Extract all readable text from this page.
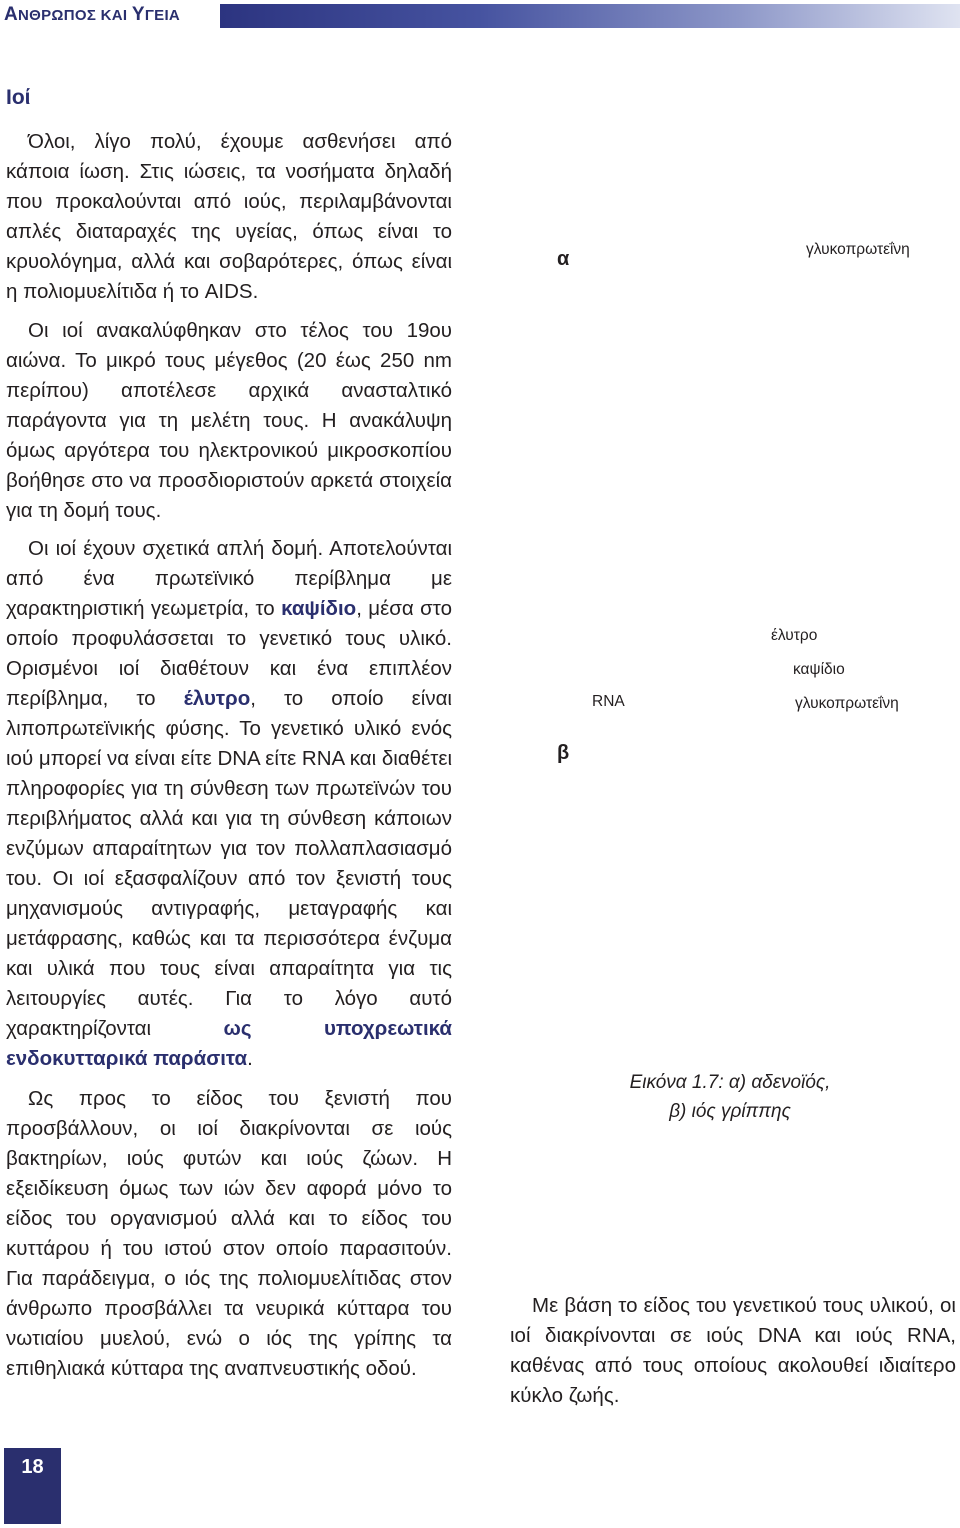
ΑΝΘΡΩΠΟΣ ΚΑΙ ΥΓΕΙΑ
Ιοί

Όλοι, λίγο πολύ, έχουμε ασθενήσει από κάποια ίωση. Στις ιώσεις, τα νοσήματα δηλαδή που προκαλούνται από ιούς, περιλαμβάνονται απλές διαταραχές της υγείας, όπως είναι το κρυολόγημα, αλλά και σοβαρότερες, όπως είναι η πολιομυελίτιδα ή το AIDS.

Οι ιοί ανακαλύφθηκαν στο τέλος του 19ου αιώνα. Το μικρό τους μέγεθος (20 έως 250 nm περίπου) αποτέλεσε αρχικά ανασταλτικό παράγοντα για τη μελέτη τους. Η ανακάλυψη όμως αργότερα του ηλεκτρονικού μικροσκοπίου βοήθησε στο να προσδιοριστούν αρκετά στοιχεία για τη δομή τους.

Οι ιοί έχουν σχετικά απλή δομή. Αποτελούνται από ένα πρωτεϊνικό περίβλημα με χαρακτηριστική γεωμετρία, το καψίδιο, μέσα στο οποίο προφυλάσσεται το γενετικό τους υλικό. Ορισμένοι ιοί διαθέτουν και ένα επιπλέον περίβλημα, το έλυτρο, το οποίο είναι λιποπρωτεϊνικής φύσης. Το γενετικό υλικό ενός ιού μπορεί να είναι είτε DNA είτε RNA και διαθέτει πληροφορίες για τη σύνθεση των πρωτεϊνών του περιβλήματος αλλά και για τη σύνθεση κάποιων ενζύμων απαραίτητων για τον πολλαπλασιασμό του. Οι ιοί εξασφαλίζουν από τον ξενιστή τους μηχανισμούς αντιγραφής, μεταγραφής και μετάφρασης, καθώς και τα περισσότερα ένζυμα και υλικά που τους είναι απαραίτητα για τις λειτουργίες αυτές. Για το λόγο αυτό χαρακτηρίζονται ως υποχρεωτικά ενδοκυτταρικά παράσιτα.

Ως προς το είδος του ξενιστή που προσβάλλουν, οι ιοί διακρίνονται σε ιούς βακτηρίων, ιούς φυτών και ιούς ζώων. Η εξειδίκευση όμως των ιών δεν αφορά μόνο το είδος του οργανισμού αλλά και το είδος του κυττάρου ή του ιστού στον οποίο παρασιτούν. Για παράδειγμα, ο ιός της πολιομυελίτιδας στον άνθρωπο προσβάλλει τα νευρικά κύτταρα του νωτιαίου μυελού, ενώ ο ιός της γρίπης τα επιθηλιακά κύτταρα της αναπνευστικής οδού.

α	γλυκοπρωτεΐνη
έλυτρο
καψίδιο
RNA	γλυκοπρωτεΐνη
β
Εικόνα 1.7: α) αδενοϊός,
β) ιός γρίππης

Με βάση το είδος του γενετικού τους υλικού, οι ιοί διακρίνονται σε ιούς DNA και ιούς RNA, καθένας από τους οποίους ακολουθεί ιδιαίτερο κύκλο ζωής.

18
